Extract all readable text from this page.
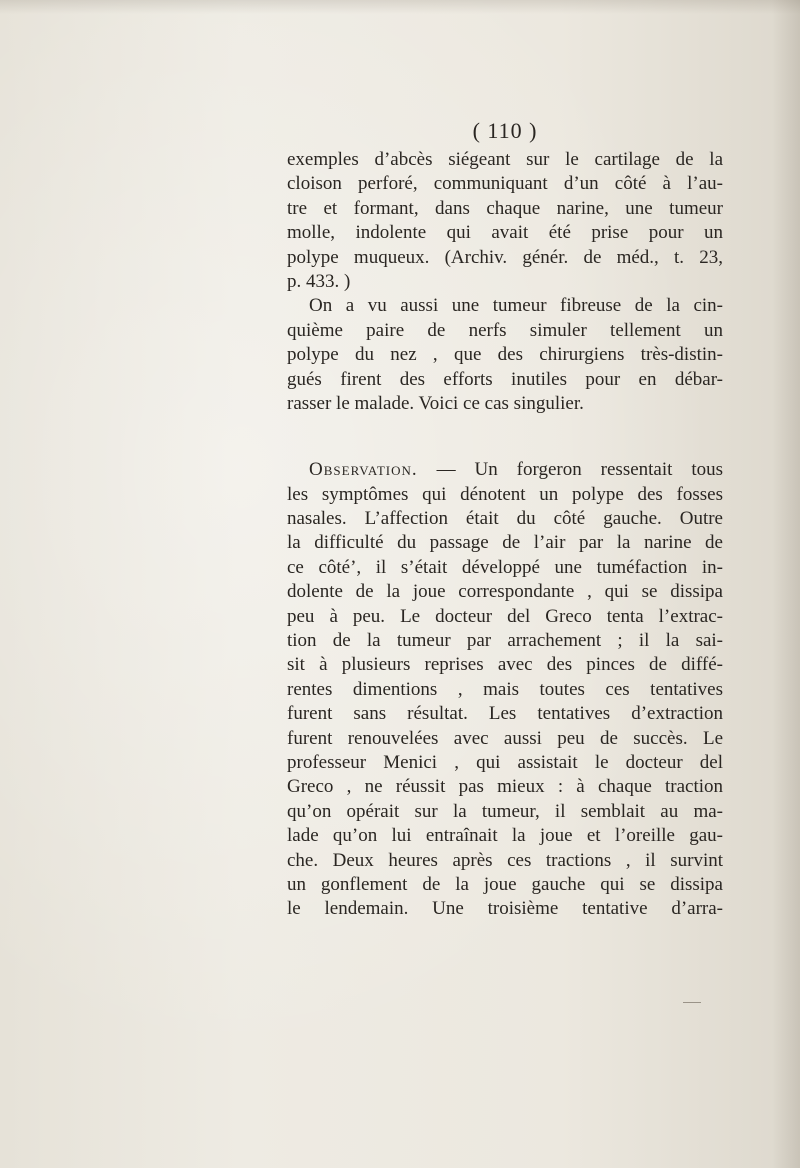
( 110 )
exemples d’abcès siégeant sur le cartilage de la
cloison perforé, communiquant d’un côté à l’au-
tre et formant, dans chaque narine, une tumeur
molle, indolente qui avait été prise pour un
polype muqueux. (Archiv. génér. de méd., t. 23,
p. 433. )
On a vu aussi une tumeur fibreuse de la cin-
quième paire de nerfs simuler tellement un
polype du nez , que des chirurgiens très-distin-
gués firent des efforts inutiles pour en débar-
rasser le malade. Voici ce cas singulier.
Observation. — Un forgeron ressentait tous
les symptômes qui dénotent un polype des fosses
nasales. L’affection était du côté gauche. Outre
la difficulté du passage de l’air par la narine de
ce côté’, il s’était développé une tuméfaction in-
dolente de la joue correspondante , qui se dissipa
peu à peu. Le docteur del Greco tenta l’extrac-
tion de la tumeur par arrachement ; il la sai-
sit à plusieurs reprises avec des pinces de diffé-
rentes dimentions , mais toutes ces tentatives
furent sans résultat. Les tentatives d’extraction
furent renouvelées avec aussi peu de succès. Le
professeur Menici , qui assistait le docteur del
Greco , ne réussit pas mieux : à chaque traction
qu’on opérait sur la tumeur, il semblait au ma-
lade qu’on lui entraînait la joue et l’oreille gau-
che. Deux heures après ces tractions , il survint
un gonflement de la joue gauche qui se dissipa
le lendemain. Une troisième tentative d’arra-
